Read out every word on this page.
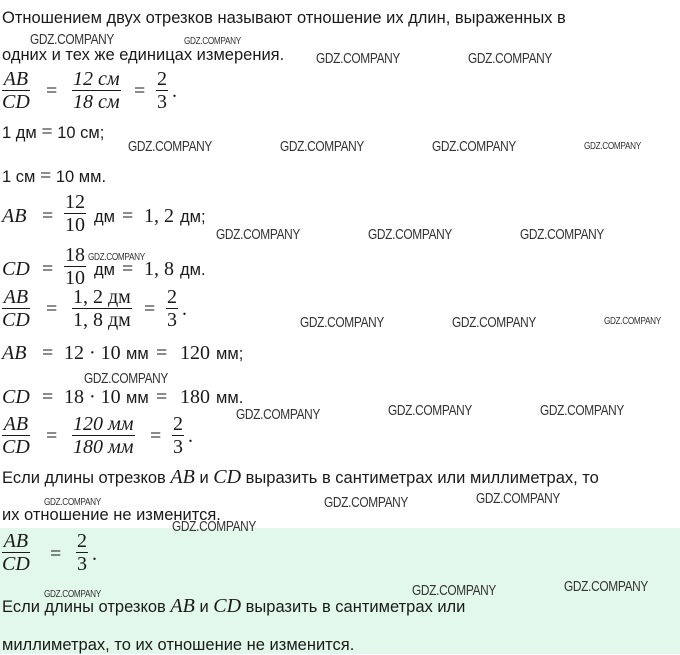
Отношением двух отрезков называют отношение их длин, выраженных в
одних и тех же единицах измерения.
$\frac{AB}{CD}$ =
12 см
18 см = $\frac{2}{3}$ .
1 дм = 10 см;
1 см = 10 мм.
AB = $\frac{12}{10}$ дм = 1, 2 дм;
CD = $\frac{18}{10}$ дм = 1, 8 дм.
$\frac{AB}{CD}$ =
1, 2 дм
1, 8 дм = $\frac{2}{3}$ .
AB = 12 · 10 мм = 120 мм;
CD = 18 · 10 мм = 180 мм.
$\frac{AB}{CD}$ =
120 мм
180 мм = $\frac{2}{3}$ .
Если длины отрезков AB и CD выразить в сантиметрах или миллиметрах, то
их отношение не изменится.
$\frac{AB}{CD} = \frac{2}{3}$ .
Если длины отрезков AB и CD выразить в сантиметрах или
миллиметрах, то их отношение не изменится.
GDZ.COMPANY	GDZ.COMPANY
GDZ.COMPANY	GDZ.COMPANY
GDZ.COMPANY	GDZ.COMPANY	GDZ.COMPANY	GDZ.COMPANY
GDZ.COMPANY	GDZ.COMPANY	GDZ.COMPANY
GDZ.COMPANY
GDZ.COMPANY	GDZ.COMPANY	GDZ.COMPANY
GDZ.COMPANY
GDZ.COMPANY	GDZ.COMPANY	GDZ.COMPANY
GDZ.COMPANY	GDZ.COMPANY	GDZ.COMPANY
GDZ.COMPANY
GDZ.COMPANY	GDZ.COMPANY	GDZ.COMPANY
